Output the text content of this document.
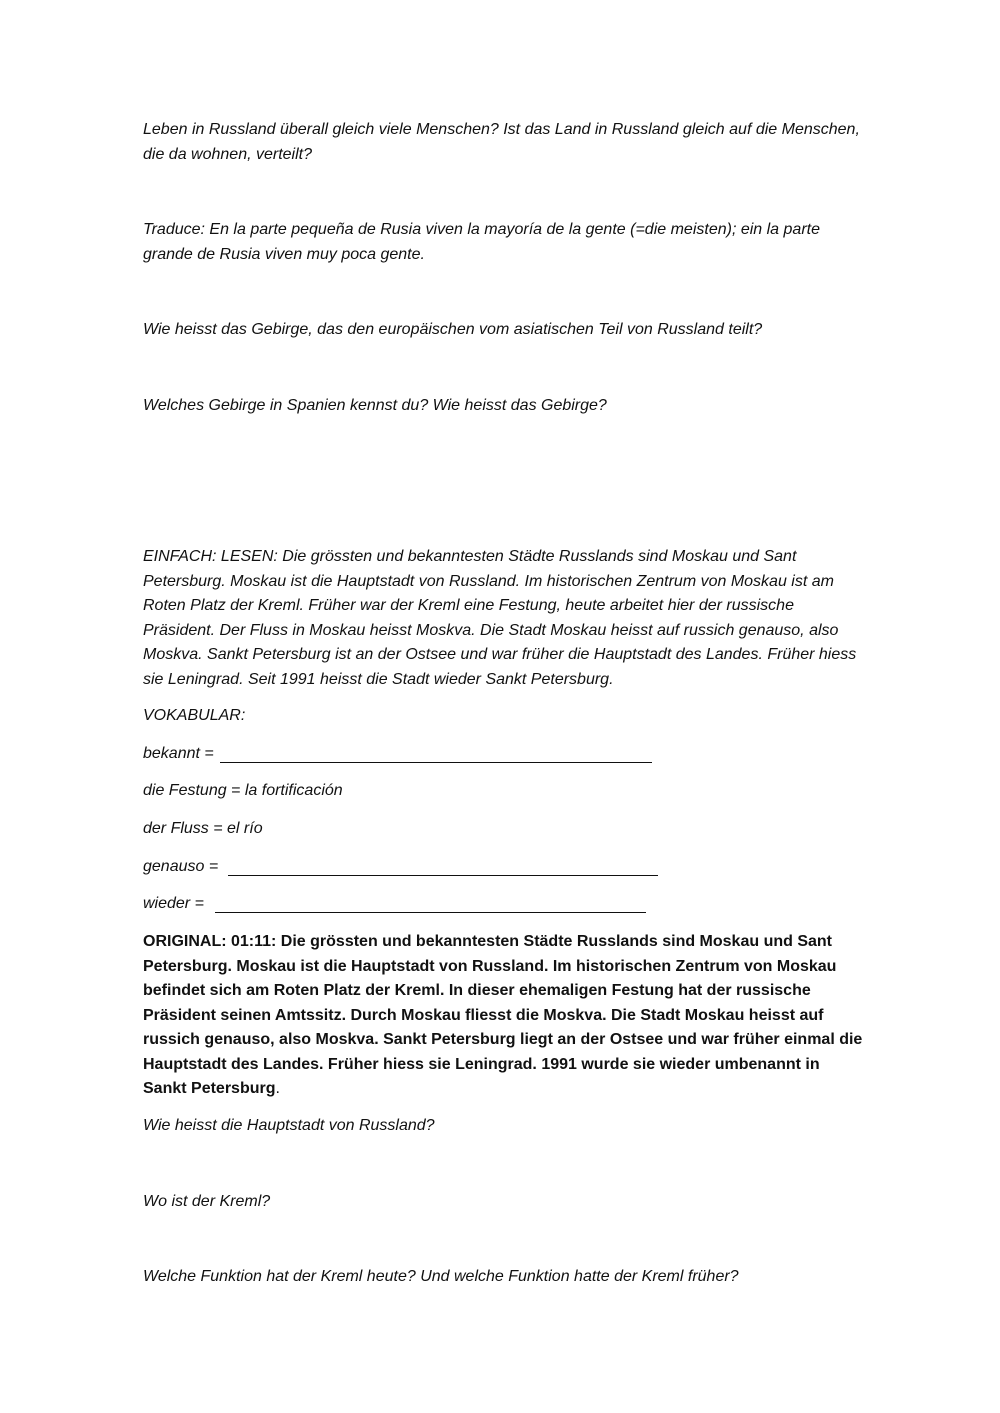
Leben in Russland überall gleich viele Menschen? Ist das Land in Russland gleich auf die Menschen, die da wohnen, verteilt?

Traduce: En la parte pequeña de Rusia viven la mayoría de la gente (=die meisten); ein la parte grande de Rusia viven muy poca gente.

Wie heisst das Gebirge, das den europäischen vom asiatischen Teil von Russland teilt?

Welches Gebirge in Spanien kennst du? Wie heisst das Gebirge?

EINFACH: LESEN: Die grössten und bekanntesten Städte Russlands sind Moskau und Sant Petersburg. Moskau ist die Hauptstadt von Russland. Im historischen Zentrum von Moskau ist am Roten Platz der Kreml. Früher war der Kreml eine Festung, heute arbeitet hier der russische Präsident. Der Fluss in Moskau heisst Moskva. Die Stadt Moskau heisst auf russich genauso, also Moskva. Sankt Petersburg ist an der Ostsee und war früher die Hauptstadt des Landes. Früher hiess sie Leningrad. Seit 1991 heisst die Stadt wieder Sankt Petersburg.

VOKABULAR:

bekannt =

die Festung = la fortificación

der Fluss = el río

genauso =

wieder =

ORIGINAL: 01:11: Die grössten und bekanntesten Städte Russlands sind Moskau und Sant Petersburg. Moskau ist die Hauptstadt von Russland. Im historischen Zentrum von Moskau befindet sich am Roten Platz der Kreml. In dieser ehemaligen Festung hat der russische Präsident seinen Amtssitz. Durch Moskau fliesst die Moskva. Die Stadt Moskau heisst auf russich genauso, also Moskva. Sankt Petersburg liegt an der Ostsee und war früher einmal die Hauptstadt des Landes. Früher hiess sie Leningrad. 1991 wurde sie wieder umbenannt in Sankt Petersburg.

Wie heisst die Hauptstadt von Russland?

Wo ist der Kreml?

Welche Funktion hat der Kreml heute? Und welche Funktion hatte der Kreml früher?
